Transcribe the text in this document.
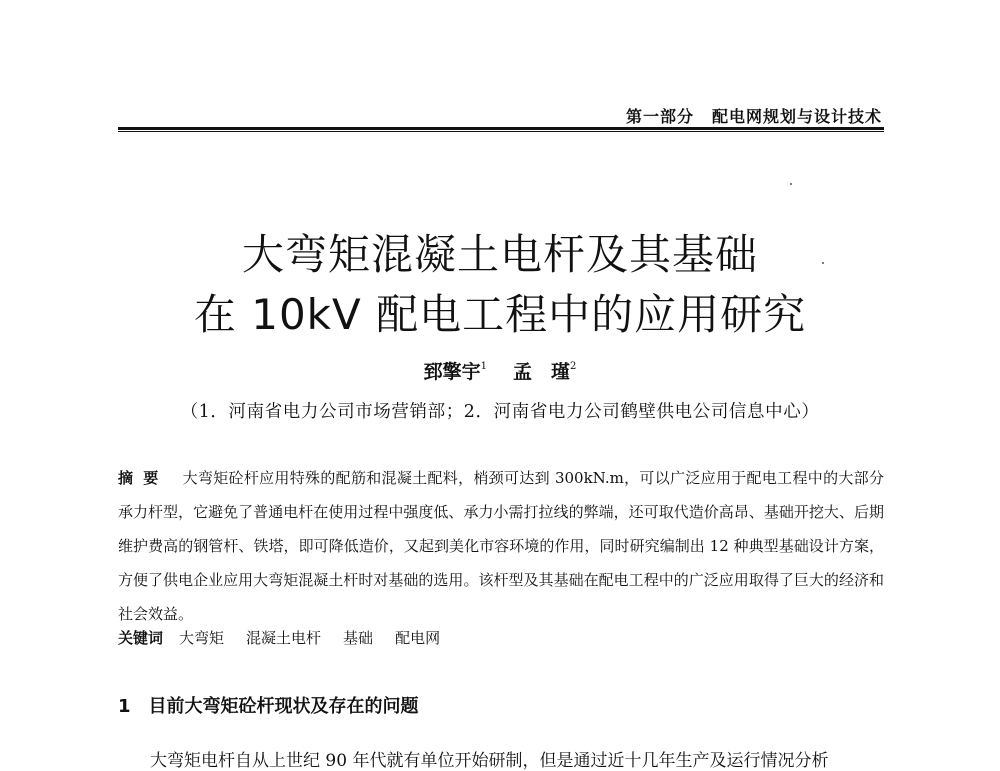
第一部分 配电网规划与设计技术
大弯矩混凝土电杆及其基础
在 10kV 配电工程中的应用研究
郅擎宇$^1$ 孟　瑾$^2$
（1．河南省电力公司市场营销部；2．河南省电力公司鹤壁供电公司信息中心）

摘要 大弯矩砼杆应用特殊的配筋和混凝土配料，梢颈可达到 300kN.m，可以广泛应用于配电工程中的大部分承力杆型，它避免了普通电杆在使用过程中强度低、承力小需打拉线的弊端，还可取代造价高昂、基础开挖大、后期维护费高的钢管杆、铁塔，即可降低造价，又起到美化市容环境的作用，同时研究编制出 12 种典型基础设计方案，方便了供电企业应用大弯矩混凝土杆时对基础的选用。该杆型及其基础在配电工程中的广泛应用取得了巨大的经济和社会效益。

关键词 大弯矩 混凝土电杆 基础 配电网
1 目前大弯矩砼杆现状及存在的问题

大弯矩电杆自从上世纪 90 年代就有单位开始研制，但是通过近十几年生产及运行情况分析
